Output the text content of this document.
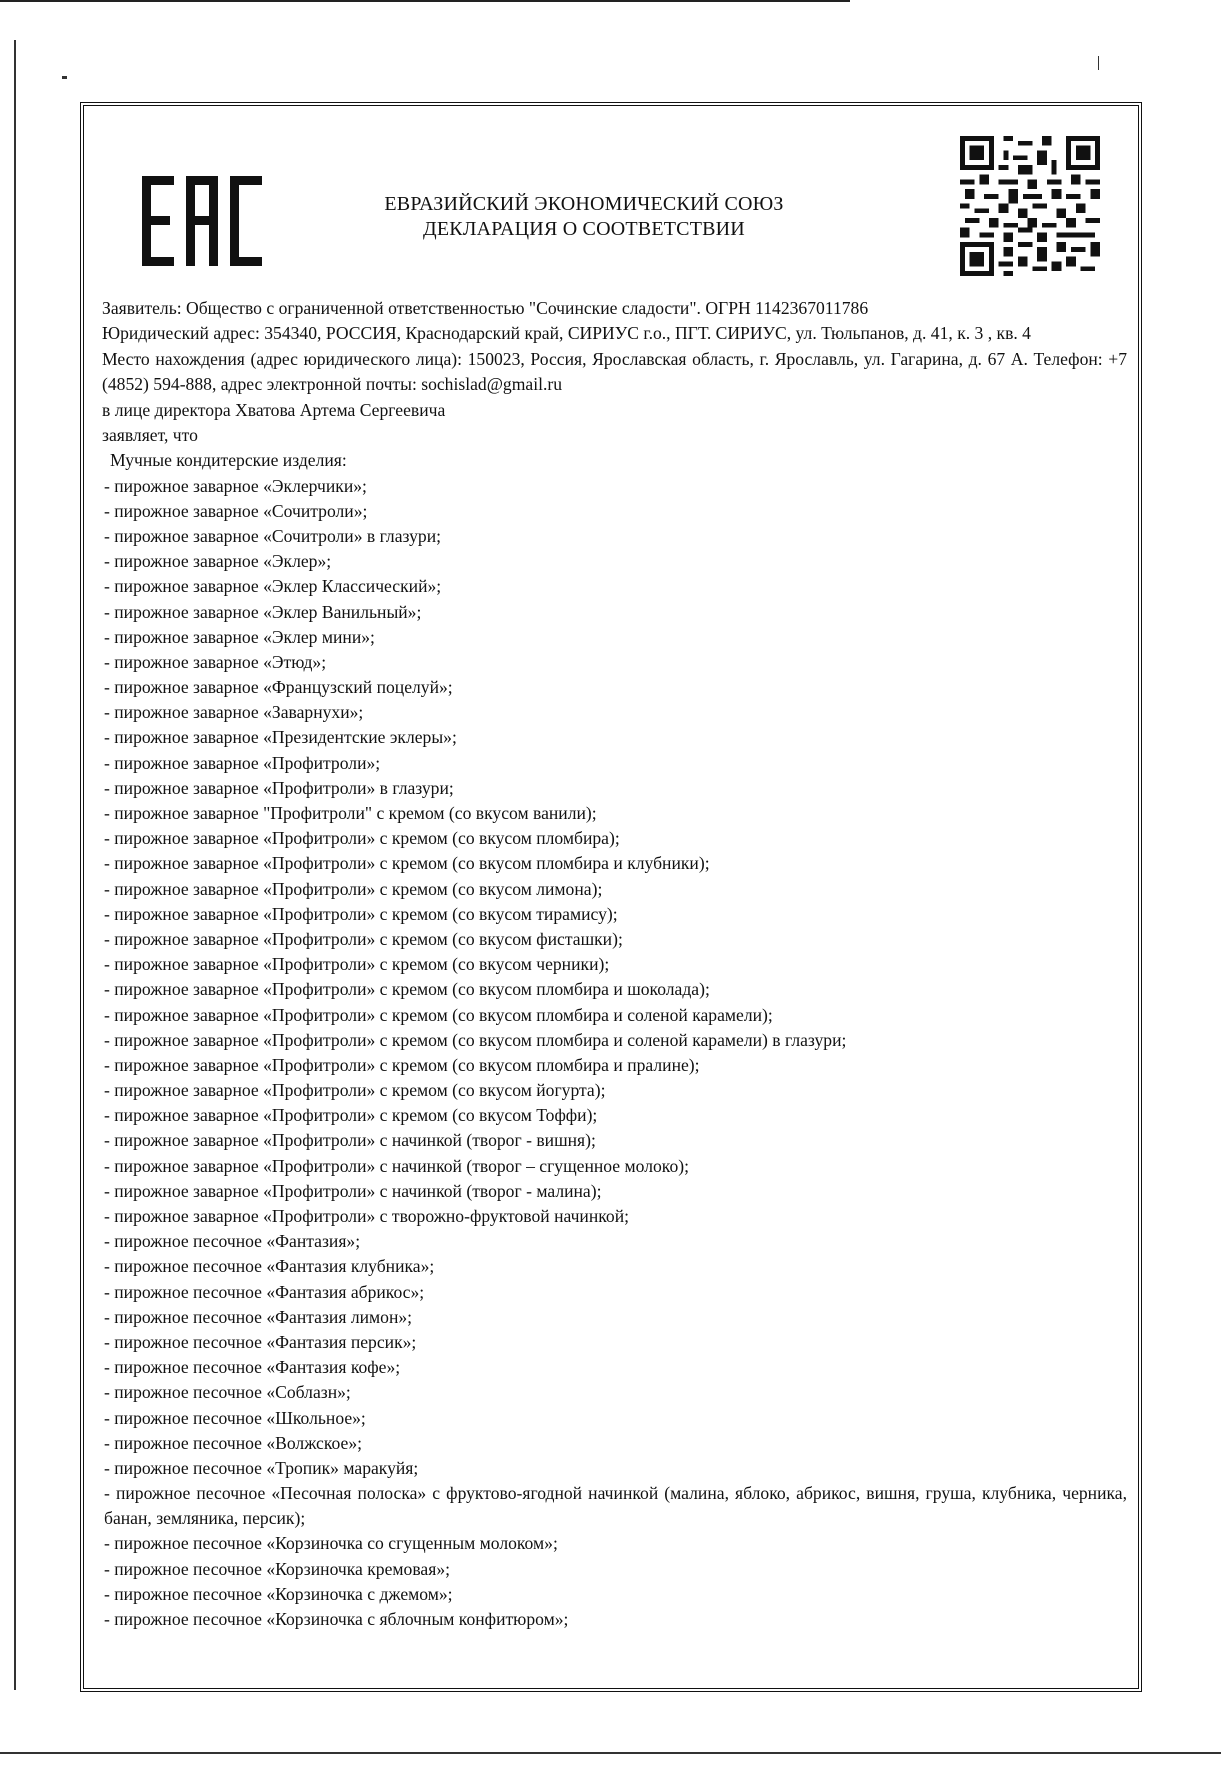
ЕВРАЗИЙСКИЙ ЭКОНОМИЧЕСКИЙ СОЮЗ
ДЕКЛАРАЦИЯ О СООТВЕТСТВИИ
Заявитель: Общество с ограниченной ответственностью "Сочинские сладости". ОГРН 1142367011786
Юридический адрес: 354340, РОССИЯ, Краснодарский край, СИРИУС г.о., ПГТ. СИРИУС, ул. Тюльпанов, д. 41, к. 3 , кв. 4
Место нахождения (адрес юридического лица): 150023, Россия, Ярославская область, г. Ярославль, ул. Гагарина, д. 67 А. Телефон: +7 (4852) 594-888, адрес электронной почты: sochislad@gmail.ru
в лице директора Хватова Артема Сергеевича
заявляет, что
Мучные кондитерские изделия:
- пирожное заварное «Эклерчики»;
- пирожное заварное «Сочитроли»;
- пирожное заварное «Сочитроли» в глазури;
- пирожное заварное «Эклер»;
- пирожное заварное «Эклер Классический»;
- пирожное заварное «Эклер Ванильный»;
- пирожное заварное «Эклер мини»;
- пирожное заварное «Этюд»;
- пирожное заварное «Французский поцелуй»;
- пирожное заварное «Заварнухи»;
- пирожное заварное «Президентские эклеры»;
- пирожное заварное «Профитроли»;
- пирожное заварное «Профитроли» в глазури;
- пирожное заварное "Профитроли" с кремом (со вкусом ванили);
- пирожное заварное «Профитроли» с кремом (со вкусом пломбира);
- пирожное заварное «Профитроли» с кремом (со вкусом пломбира и клубники);
- пирожное заварное «Профитроли» с кремом (со вкусом лимона);
- пирожное заварное «Профитроли» с кремом (со вкусом тирамису);
- пирожное заварное «Профитроли» с кремом (со вкусом фисташки);
- пирожное заварное «Профитроли» с кремом (со вкусом черники);
- пирожное заварное «Профитроли» с кремом (со вкусом пломбира и шоколада);
- пирожное заварное «Профитроли» с кремом (со вкусом пломбира и соленой карамели);
- пирожное заварное «Профитроли» с кремом (со вкусом пломбира и соленой карамели) в глазури;
- пирожное заварное «Профитроли» с кремом (со вкусом пломбира и пралине);
- пирожное заварное «Профитроли» с кремом (со вкусом йогурта);
- пирожное заварное «Профитроли» с кремом (со вкусом Тоффи);
- пирожное заварное «Профитроли» с начинкой (творог - вишня);
- пирожное заварное «Профитроли» с начинкой (творог – сгущенное молоко);
- пирожное заварное «Профитроли» с начинкой (творог - малина);
- пирожное заварное «Профитроли» с творожно-фруктовой начинкой;
- пирожное песочное «Фантазия»;
- пирожное песочное «Фантазия клубника»;
- пирожное песочное «Фантазия абрикос»;
- пирожное песочное «Фантазия лимон»;
- пирожное песочное «Фантазия персик»;
- пирожное песочное «Фантазия кофе»;
- пирожное песочное «Соблазн»;
- пирожное песочное «Школьное»;
- пирожное песочное «Волжское»;
- пирожное песочное «Тропик» маракуйя;
- пирожное песочное «Песочная полоска» с фруктово-ягодной начинкой (малина, яблоко, абрикос, вишня, груша, клубника, черника, банан, земляника, персик);
- пирожное песочное «Корзиночка со сгущенным молоком»;
- пирожное песочное «Корзиночка кремовая»;
- пирожное песочное «Корзиночка с джемом»;
- пирожное песочное «Корзиночка с яблочным конфитюром»;
